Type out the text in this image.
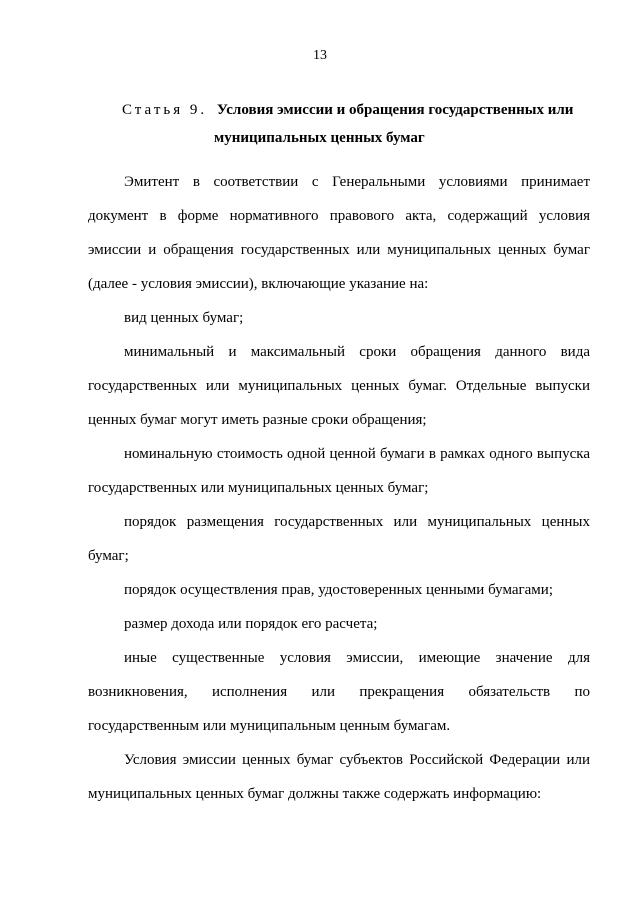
13
Статья 9. Условия эмиссии и обращения государственных или
муниципальных ценных бумаг

Эмитент в соответствии с Генеральными условиями принимает документ в форме нормативного правового акта, содержащий условия эмиссии и обращения государственных или муниципальных ценных бумаг (далее - условия эмиссии), включающие указание на:

вид ценных бумаг;

минимальный и максимальный сроки обращения данного вида государственных или муниципальных ценных бумаг. Отдельные выпуски ценных бумаг могут иметь разные сроки обращения;

номинальную стоимость одной ценной бумаги в рамках одного выпуска государственных или муниципальных ценных бумаг;

порядок размещения государственных или муниципальных ценных бумаг;

порядок осуществления прав, удостоверенных ценными бумагами;

размер дохода или порядок его расчета;

иные существенные условия эмиссии, имеющие значение для возникновения, исполнения или прекращения обязательств по государственным или муниципальным ценным бумагам.

Условия эмиссии ценных бумаг субъектов Российской Федерации или муниципальных ценных бумаг должны также содержать информацию:
